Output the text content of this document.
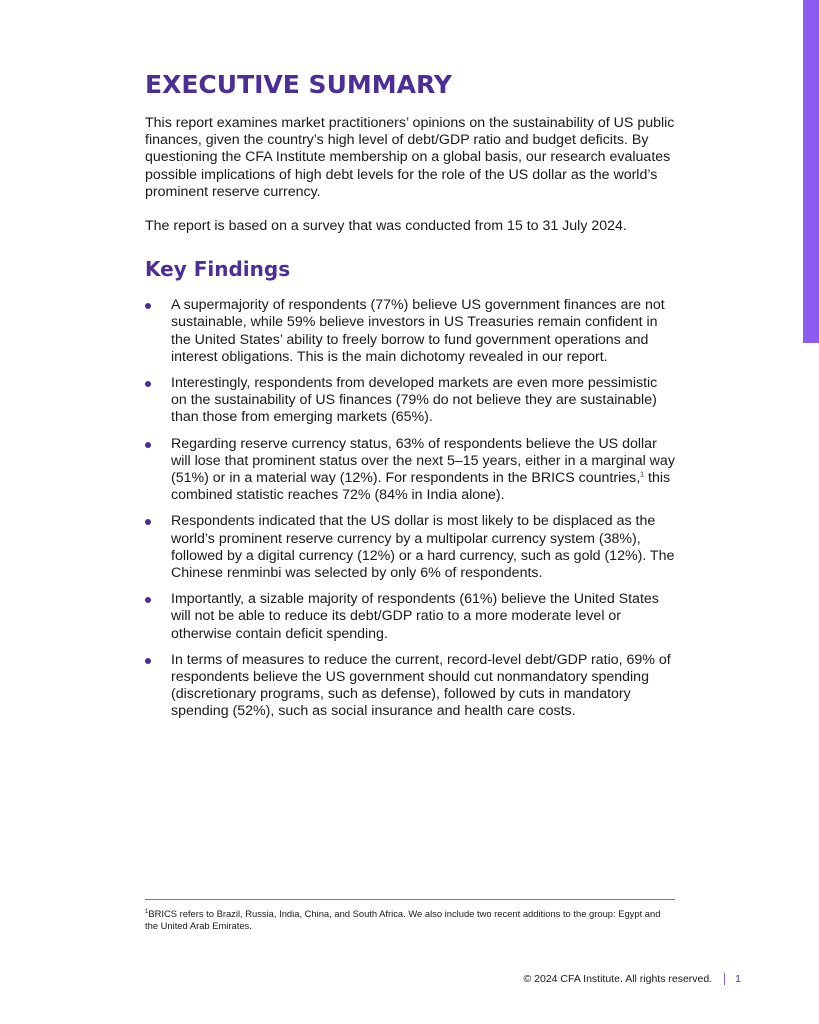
EXECUTIVE SUMMARY

This report examines market practitioners’ opinions on the sustainability of US public finances, given the country’s high level of debt/GDP ratio and budget deficits. By questioning the CFA Institute membership on a global basis, our research evaluates possible implications of high debt levels for the role of the US dollar as the world’s prominent reserve currency.

The report is based on a survey that was conducted from 15 to 31 July 2024.

Key Findings
A supermajority of respondents (77%) believe US government finances are not sustainable, while 59% believe investors in US Treasuries remain confident in the United States’ ability to freely borrow to fund government operations and interest obligations. This is the main dichotomy revealed in our report.
Interestingly, respondents from developed markets are even more pessimistic on the sustainability of US finances (79% do not believe they are sustainable) than those from emerging markets (65%).
Regarding reserve currency status, 63% of respondents believe the US dollar will lose that prominent status over the next 5–15 years, either in a marginal way (51%) or in a material way (12%). For respondents in the BRICS countries,$^1$ this combined statistic reaches 72% (84% in India alone).
Respondents indicated that the US dollar is most likely to be displaced as the world’s prominent reserve currency by a multipolar currency system (38%), followed by a digital currency (12%) or a hard currency, such as gold (12%). The Chinese renminbi was selected by only 6% of respondents.
Importantly, a sizable majority of respondents (61%) believe the United States will not be able to reduce its debt/GDP ratio to a more moderate level or otherwise contain deficit spending.
In terms of measures to reduce the current, record-level debt/GDP ratio, 69% of respondents believe the US government should cut nonmandatory spending (discretionary programs, such as defense), followed by cuts in mandatory spending (52%), such as social insurance and health care costs.
$^1$BRICS refers to Brazil, Russia, India, China, and South Africa. We also include two recent additions to the group: Egypt and the United Arab Emirates.
© 2024 CFA Institute. All rights reserved. 1
